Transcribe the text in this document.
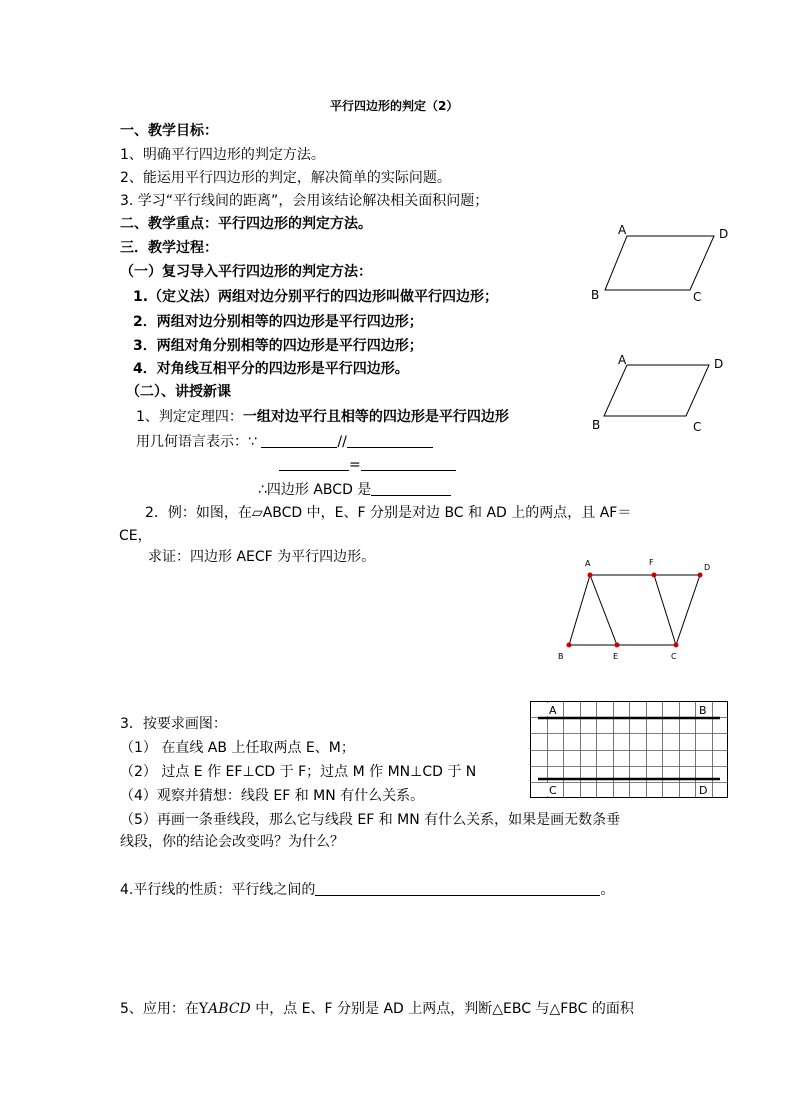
平行四边形的判定（2）
一、教学目标：
1、明确平行四边形的判定方法。
2、能运用平行四边形的判定，解决简单的实际问题。
3. 学习“平行线间的距离”，会用该结论解决相关面积问题；
二、教学重点：平行四边形的判定方法。
三．教学过程：
（一）复习导入平行四边形的判定方法：
1.（定义法）两组对边分别平行的四边形叫做平行四边形；
2．两组对边分别相等的四边形是平行四边形；
3．两组对角分别相等的四边形是平行四边形；
4．对角线互相平分的四边形是平行四边形。
（二）、讲授新课
1、判定定理四：一组对边平行且相等的四边形是平行四边形
用几何语言表示：∵	//
=
∴四边形 ABCD 是
2．例：如图，在▱ABCD 中，E、F 分别是对边 BC 和 AD 上的两点，且 AF＝
CE，
求证：四边形 AECF 为平行四边形。
3．按要求画图：
（1） 在直线 AB 上任取两点 E、M；
（2） 过点 E 作 EF⊥CD 于 F；过点 M 作 MN⊥CD 于 N
（4）观察并猜想：线段 EF 和 MN 有什么关系。
（5）再画一条垂线段，那么它与线段 EF 和 MN 有什么关系，如果是画无数条垂
线段，你的结论会改变吗？为什么？
4.平行线的性质：平行线之间的	。
5、应用：在YABCD 中，点 E、F 分别是 AD 上两点，判断△EBC 与△FBC 的面积
A	D
B	C
A	D
B	C
A	F
D
B	E	C
A	B
C	D
